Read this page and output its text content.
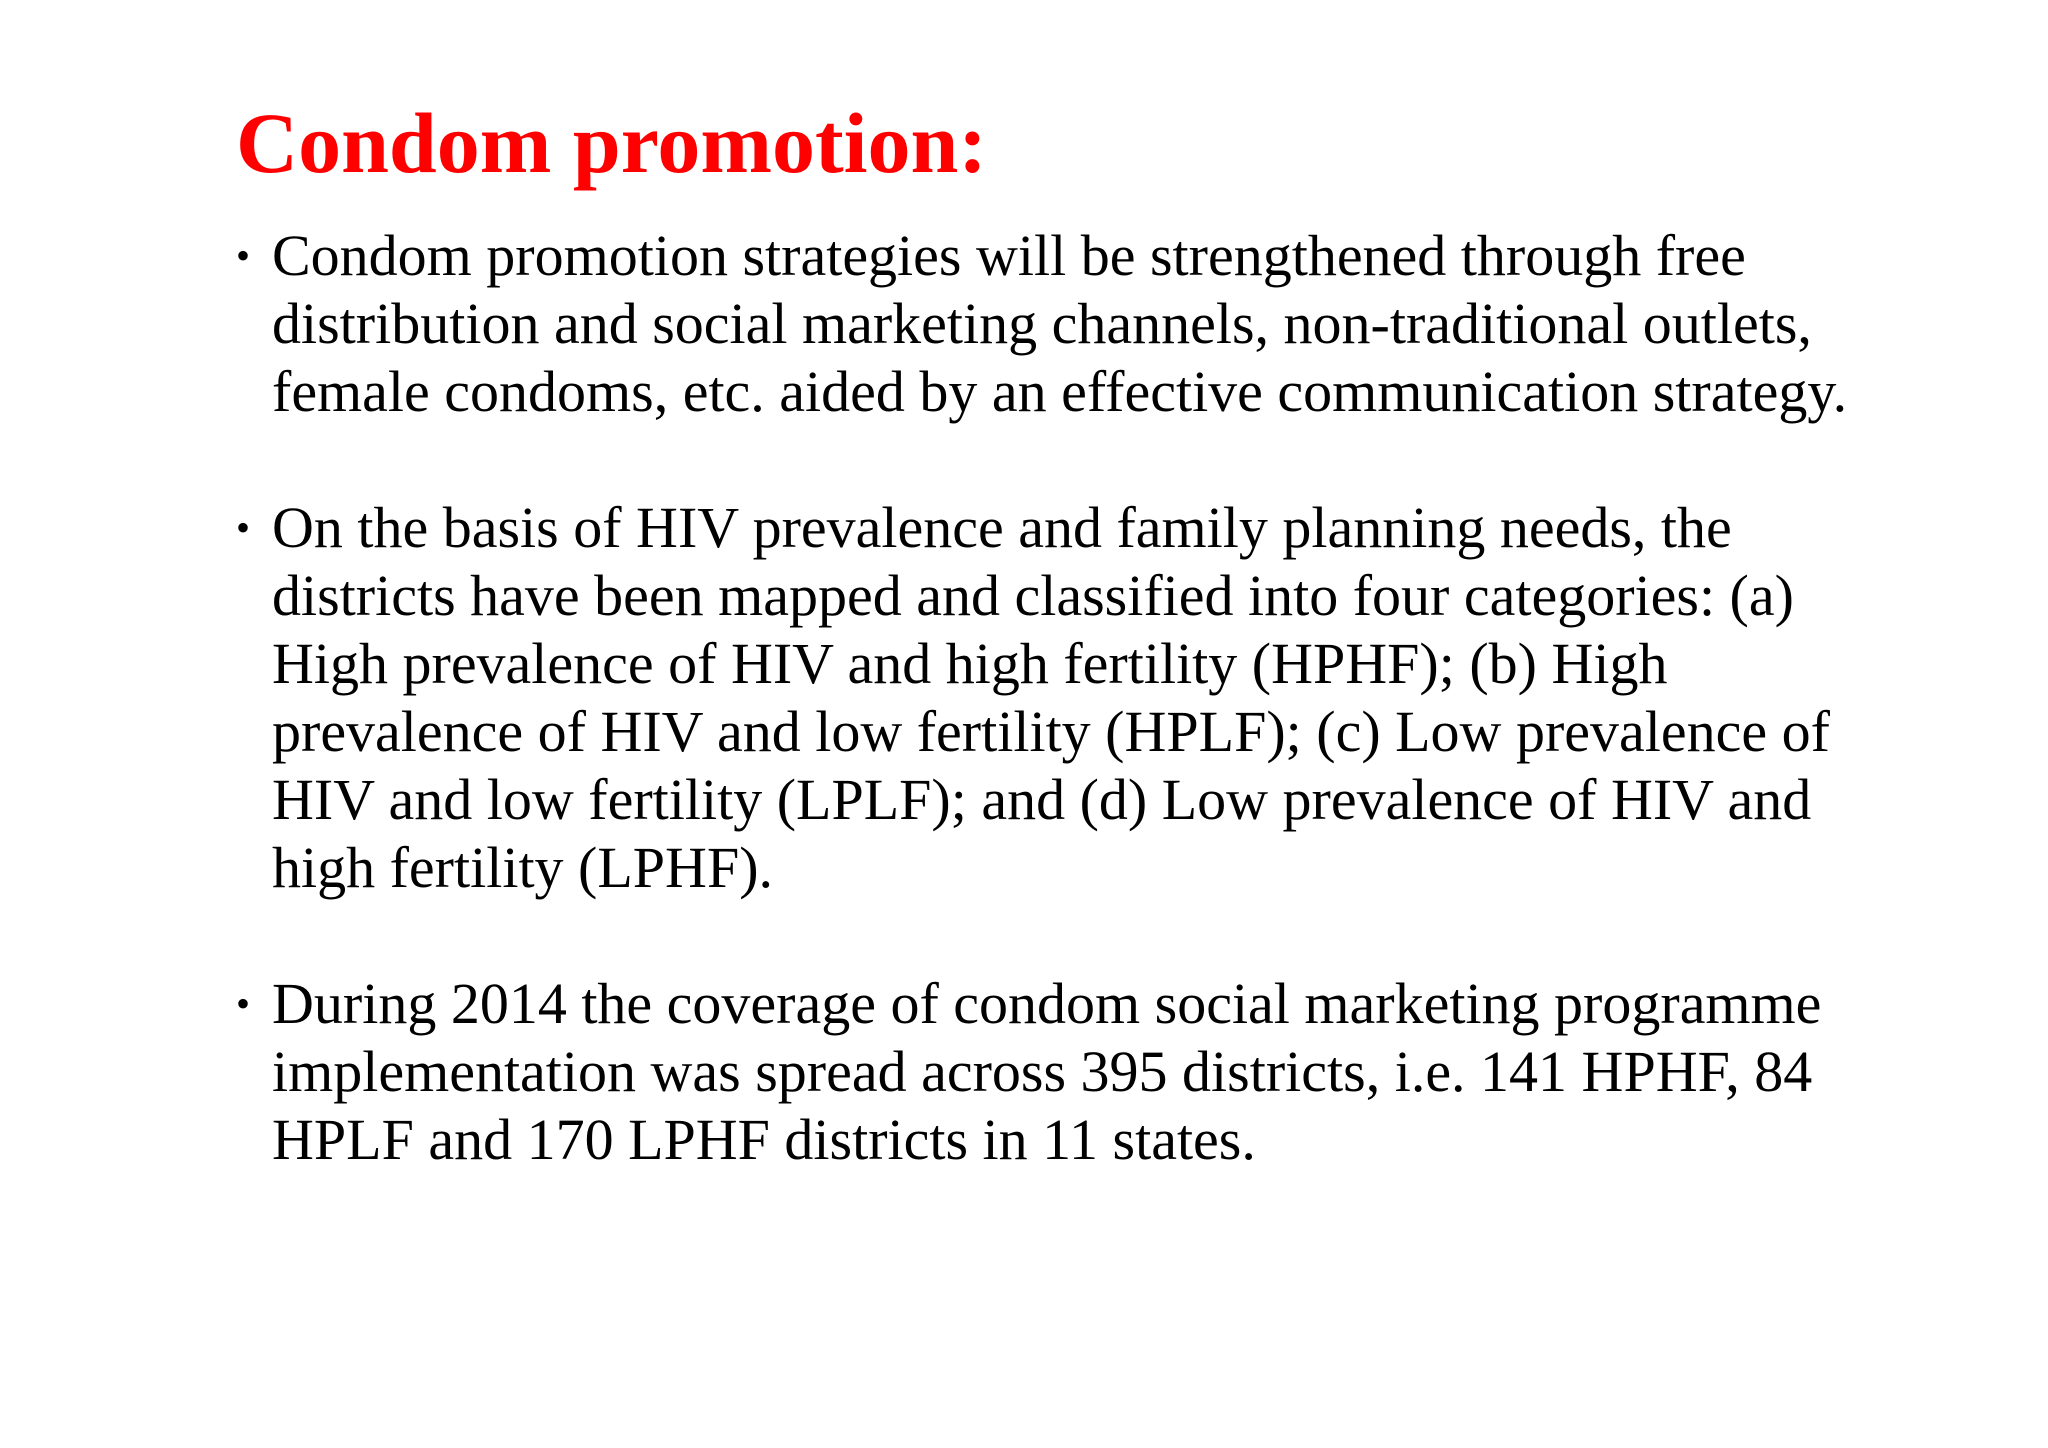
Condom promotion:
• Condom promotion strategies will be strengthened through free distribution and social marketing channels, non-traditional outlets, female condoms, etc. aided by an effective communication strategy.
• On the basis of HIV prevalence and family planning needs, the districts have been mapped and classified into four categories: (a) High prevalence of HIV and high fertility (HPHF); (b) High prevalence of HIV and low fertility (HPLF); (c) Low prevalence of HIV and low fertility (LPLF); and (d) Low prevalence of HIV and high fertility (LPHF).
• During 2014 the coverage of condom social marketing programme implementation was spread across 395 districts, i.e. 141 HPHF, 84 HPLF and 170 LPHF districts in 11 states.
